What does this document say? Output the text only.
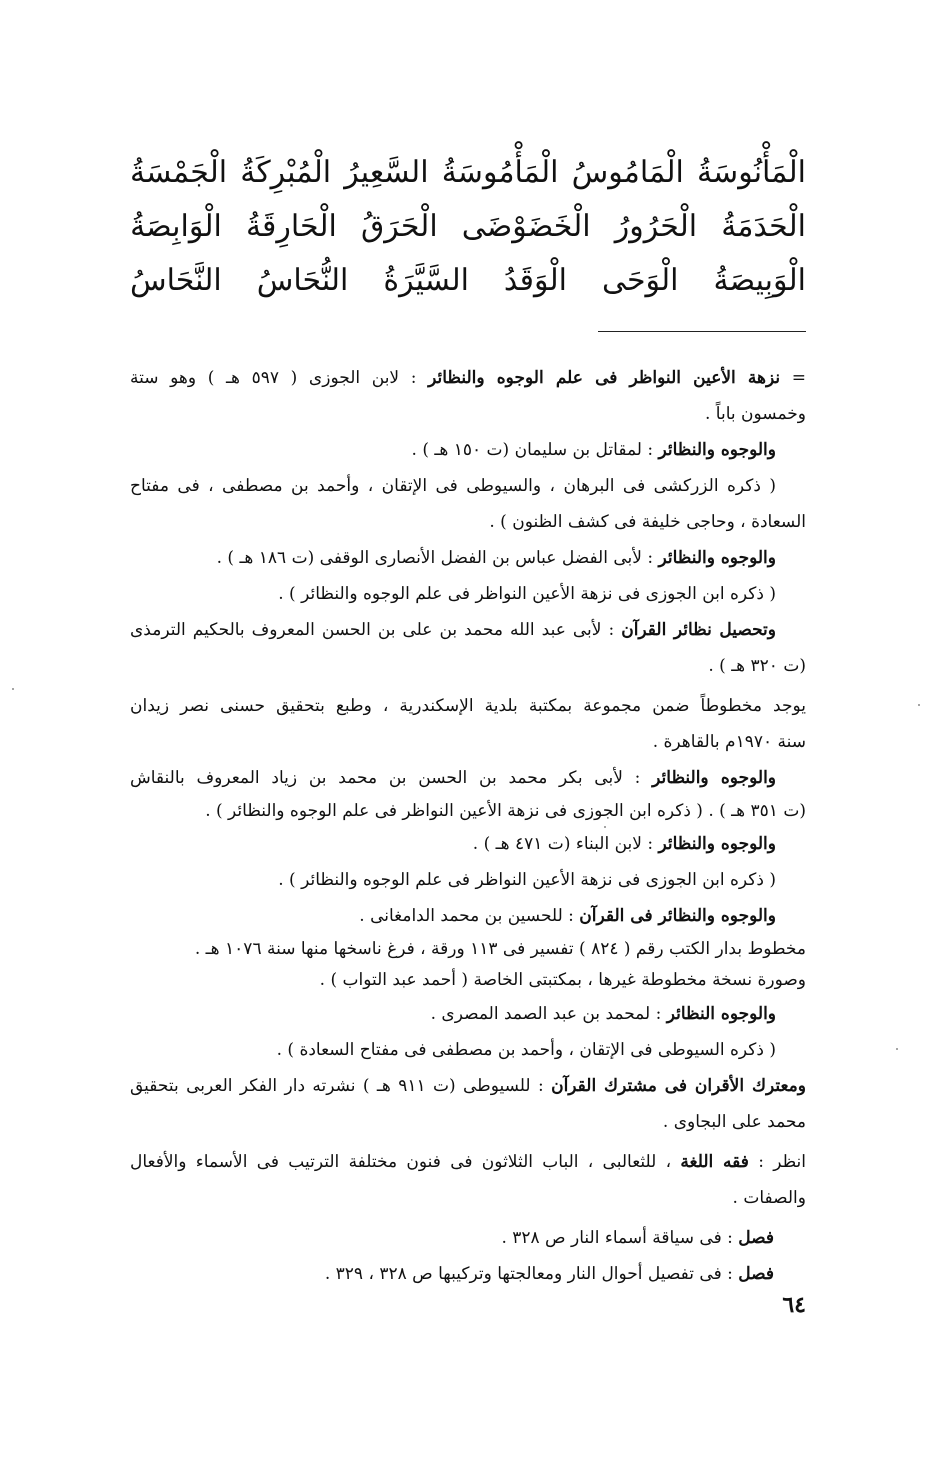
الْمَأْنُوسَةُ
الْمَامُوسُ
الْمَأْمُوسَةُ
السَّعِيرُ
الْمُبْرِكَةُ
الْجَمْسَةُ
الْحَدَمَةُ
الْحَرُورُ
الْخَضَوْضَى
الْحَرَقُ
الْحَارِقَةُ
الْوَابِصَةُ
الْوَبِيصَةُ
الْوَحَى
الْوَقَدُ
السَّيَّرَةُ
النُّحَاسُ
النَّحَاسُ
= نزهة الأعين النواظر فى علم الوجوه والنظائر : لابن الجوزى ( ٥٩٧ هـ ) وهو ستة
وخمسون باباً .
والوجوه والنظائر : لمقاتل بن سليمان (ت ١٥٠ هـ ) .
( ذكره الزركشى فى البرهان ، والسيوطى فى الإتقان ، وأحمد بن مصطفى ، فى مفتاح
السعادة ، وحاجى خليفة فى كشف الظنون ) .
والوجوه والنظائر : لأبى الفضل عباس بن الفضل الأنصارى الوقفى (ت ١٨٦ هـ ) .
( ذكره ابن الجوزى فى نزهة الأعين النواظر فى علم الوجوه والنظائر ) .
وتحصيل نظائر القرآن : لأبى عبد الله محمد بن على بن الحسن المعروف بالحكيم الترمذى
(ت ٣٢٠ هـ ) .
يوجد مخطوطاً ضمن مجموعة بمكتبة بلدية الإسكندرية ، وطبع بتحقيق حسنى نصر زيدان
سنة ١٩٧٠م بالقاهرة .
والوجوه والنظائر : لأبى بكر محمد بن الحسن بن محمد بن زياد المعروف بالنقاش
(ت ٣٥١ هـ ) . ( ذكره ابن الجوزى فى نزهة الأعين النواظر فى علم الوجوه والنظائر ) .
والوجوه والنظائر : لابن البناء (ت ٤٧١ هـ ) .
( ذكره ابن الجوزى فى نزهة الأعين النواظر فى علم الوجوه والنظائر ) .
والوجوه والنظائر فى القرآن : للحسين بن محمد الدامغانى .
مخطوط بدار الكتب رقم ( ٨٢٤ ) تفسير فى ١١٣ ورقة ، فرغ ناسخها منها سنة ١٠٧٦ هـ .
وصورة نسخة مخطوطة غيرها ، بمكتبتى الخاصة ( أحمد عبد التواب ) .
والوجوه النظائر : لمحمد بن عبد الصمد المصرى .
( ذكره السيوطى فى الإتقان ، وأحمد بن مصطفى فى مفتاح السعادة ) .
ومعترك الأقران فى مشترك القرآن : للسيوطى (ت ٩١١ هـ ) نشرته دار الفكر العربى بتحقيق
محمد على البجاوى .
انظر : فقه اللغة ، للثعالبى ، الباب الثلاثون فى فنون مختلفة الترتيب فى الأسماء والأفعال
والصفات .
فصل : فى سياقة أسماء النار ص ٣٢٨ .
فصل : فى تفصيل أحوال النار ومعالجتها وتركيبها ص ٣٢٨ ، ٣٢٩ .
٦٤
